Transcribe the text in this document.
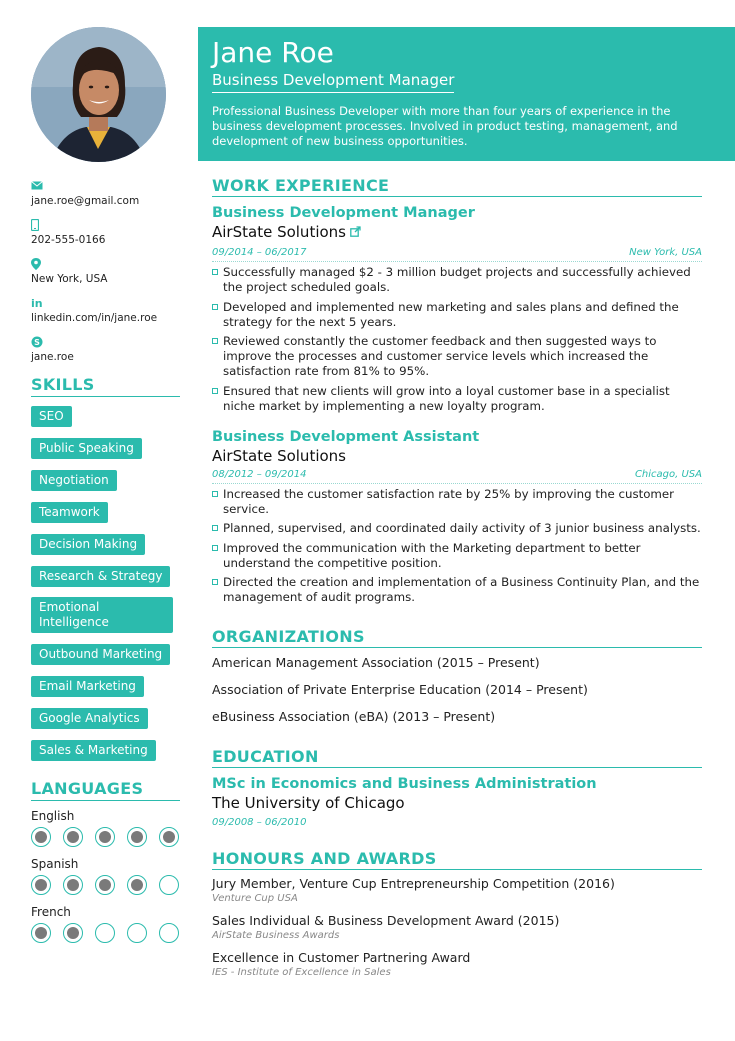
jane.roe@gmail.com
202-555-0166
New York, USA
in
linkedin.com/in/jane.roe
S
jane.roe
SKILLS
SEO
Public Speaking
Negotiation
Teamwork
Decision Making
Research & Strategy
Emotional Intelligence
Outbound Marketing
Email Marketing
Google Analytics
Sales & Marketing
LANGUAGES
English
Spanish
French
Jane Roe
Business Development Manager
Professional Business Developer with more than four years of experience in the business development processes. Involved in product testing, management, and development of new business opportunities.
WORK EXPERIENCE
Business Development Manager
AirState Solutions
09/2014 – 06/2017	New York, USA
Successfully managed $2 - 3 million budget projects and successfully achieved the project scheduled goals.
Developed and implemented new marketing and sales plans and defined the strategy for the next 5 years.
Reviewed constantly the customer feedback and then suggested ways to improve the processes and customer service levels which increased the satisfaction rate from 81% to 95%.
Ensured that new clients will grow into a loyal customer base in a specialist niche market by implementing a new loyalty program.
Business Development Assistant
AirState Solutions
08/2012 – 09/2014	Chicago, USA
Increased the customer satisfaction rate by 25% by improving the customer service.
Planned, supervised, and coordinated daily activity of 3 junior business analysts.
Improved the communication with the Marketing department to better understand the competitive position.
Directed the creation and implementation of a Business Continuity Plan, and the management of audit programs.
ORGANIZATIONS
American Management Association (2015 – Present)
Association of Private Enterprise Education (2014 – Present)
eBusiness Association (eBA) (2013 – Present)
EDUCATION
MSc in Economics and Business Administration
The University of Chicago
09/2008 – 06/2010
HONOURS AND AWARDS
Jury Member, Venture Cup Entrepreneurship Competition (2016)
Venture Cup USA
Sales Individual & Business Development Award (2015)
AirState Business Awards
Excellence in Customer Partnering Award
IES - Institute of Excellence in Sales
